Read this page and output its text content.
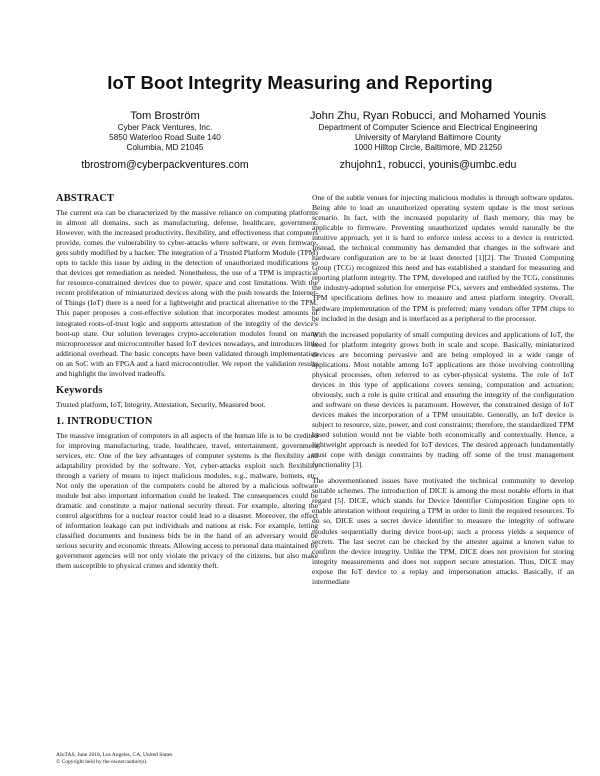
IoT Boot Integrity Measuring and Reporting
Tom Broström
Cyber Pack Ventures, Inc.
5850 Waterloo Road Suite 140
Columbia, MD 21045
tbrostrom@cyberpackventures.com
John Zhu, Ryan Robucci, and Mohamed Younis
Department of Computer Science and Electrical Engineering
University of Maryland Baltimore County
1000 Hilltop Circle, Baltimore, MD 21250
zhujohn1, robucci, younis@umbc.edu
ABSTRACT
The current era can be characterized by the massive reliance on computing platforms in almost all domains, such as manufacturing, defense, healthcare, government. However, with the increased productivity, flexibility, and effectiveness that computers provide, comes the vulnerability to cyber-attacks where software, or even firmware, gets subtly modified by a hacker. The integration of a Trusted Platform Module (TPM) opts to tackle this issue by aiding in the detection of unauthorized modifications so that devices get remediation as needed. Nonetheless, the use of a TPM is impractical for resource-constrained devices due to power, space and cost limitations. With the recent proliferation of miniaturized devices along with the push towards the Internet-of Things (IoT) there is a need for a lightweight and practical alternative to the TPM. This paper proposes a cost-effective solution that incorporates modest amounts of integrated roots-of-trust logic and supports attestation of the integrity of the device's boot-up state. Our solution leverages crypto-acceleration modules found on many microprocessor and microcontroller based IoT devices nowadays, and introduces little additional overhead. The basic concepts have been validated through implementation on an SoC with an FPGA and a hard microcontroller. We report the validation results and highlight the involved tradeoffs.
Keywords
Trusted platform, IoT, Integrity, Attestation, Security, Measured boot.
1. INTRODUCTION
The massive integration of computers in all aspects of the human life is to be credited for improving manufacturing, trade, healthcare, travel, entertainment, government services, etc. One of the key advantages of computer systems is the flexibility and adaptability provided by the software. Yet, cyber-attacks exploit such flexibility through a variety of means to inject malicious modules, e.g., malware, botnets, etc. Not only the operation of the computers could be altered by a malicious software module but also important information could be leaked. The consequences could be dramatic and constitute a major national security threat. For example, altering the control algorithms for a nuclear reactor could lead to a disaster. Moreover, the effect of information leakage can put individuals and nations at risk. For example, letting classified documents and business bids be in the hand of an adversary would be serious security and economic threats. Allowing access to personal data maintained by government agencies will not only violate the privacy of the citizens, but also make them susceptible to physical crimes and identity theft.
One of the subtle venues for injecting malicious modules is through software updates. Being able to load an unauthorized operating system update is the most serious scenario. In fact, with the increased popularity of flash memory, this may be applicable to firmware. Preventing unauthorized updates would naturally be the intuitive approach, yet it is hard to enforce unless access to a device is restricted. Instead, the technical community has demanded that changes in the software and hardware configuration are to be at least detected [1][2]. The Trusted Computing Group (TCG) recognized this need and has established a standard for measuring and reporting platform integrity. The TPM, developed and ratified by the TCG, constitutes the industry-adopted solution for enterprise PCs, servers and embedded systems. The TPM specifications defines how to measure and attest platform integrity. Overall, hardware implementation of the TPM is preferred; many vendors offer TPM chips to be included in the design and is interfaced as a peripheral to the processor.
With the increased popularity of small computing devices and applications of IoT, the need for platform integrity grows both in scale and scope. Basically, miniaturized devices are becoming pervasive and are being employed in a wide range of applications. Most notable among IoT applications are those involving controlling physical processes, often referred to as cyber-physical systems. The role of IoT devices in this type of applications covers sensing, computation and actuation; obviously, such a role is quite critical and ensuring the integrity of the configuration and software on these devices is paramount. However, the constrained design of IoT devices makes the incorporation of a TPM unsuitable. Generally, an IoT device is subject to resource, size, power, and cost constraints; therefore, the standardized TPM based solution would not be viable both economically and contextually. Hence, a lightweight approach is needed for IoT devices. The desired approach fundamentally must cope with design constraints by trading off some of the trust management functionality [3].
The abovementioned issues have motivated the technical community to develop suitable schemes. The introduction of DICE is among the most notable efforts in that regard [5]. DICE, which stands for Device Identifier Composition Engine opts to enable attestation without requiring a TPM in order to limit the required resources. To do so, DICE uses a secret device identifier to measure the integrity of software modules sequentially during device boot-up; such a process yields a sequence of secrets. The last secret can be checked by the attester against a known value to confirm the device integrity. Unlike the TPM, DICE does not provision for storing integrity measurements and does not support secure attestation. Thus, DICE may expose the IoT device to a replay and impersonation attacks. Basically, if an intermediate
AIoTAS, June 2018, Los Angeles, CA, United States
© Copyright held by the owner/author(s).
